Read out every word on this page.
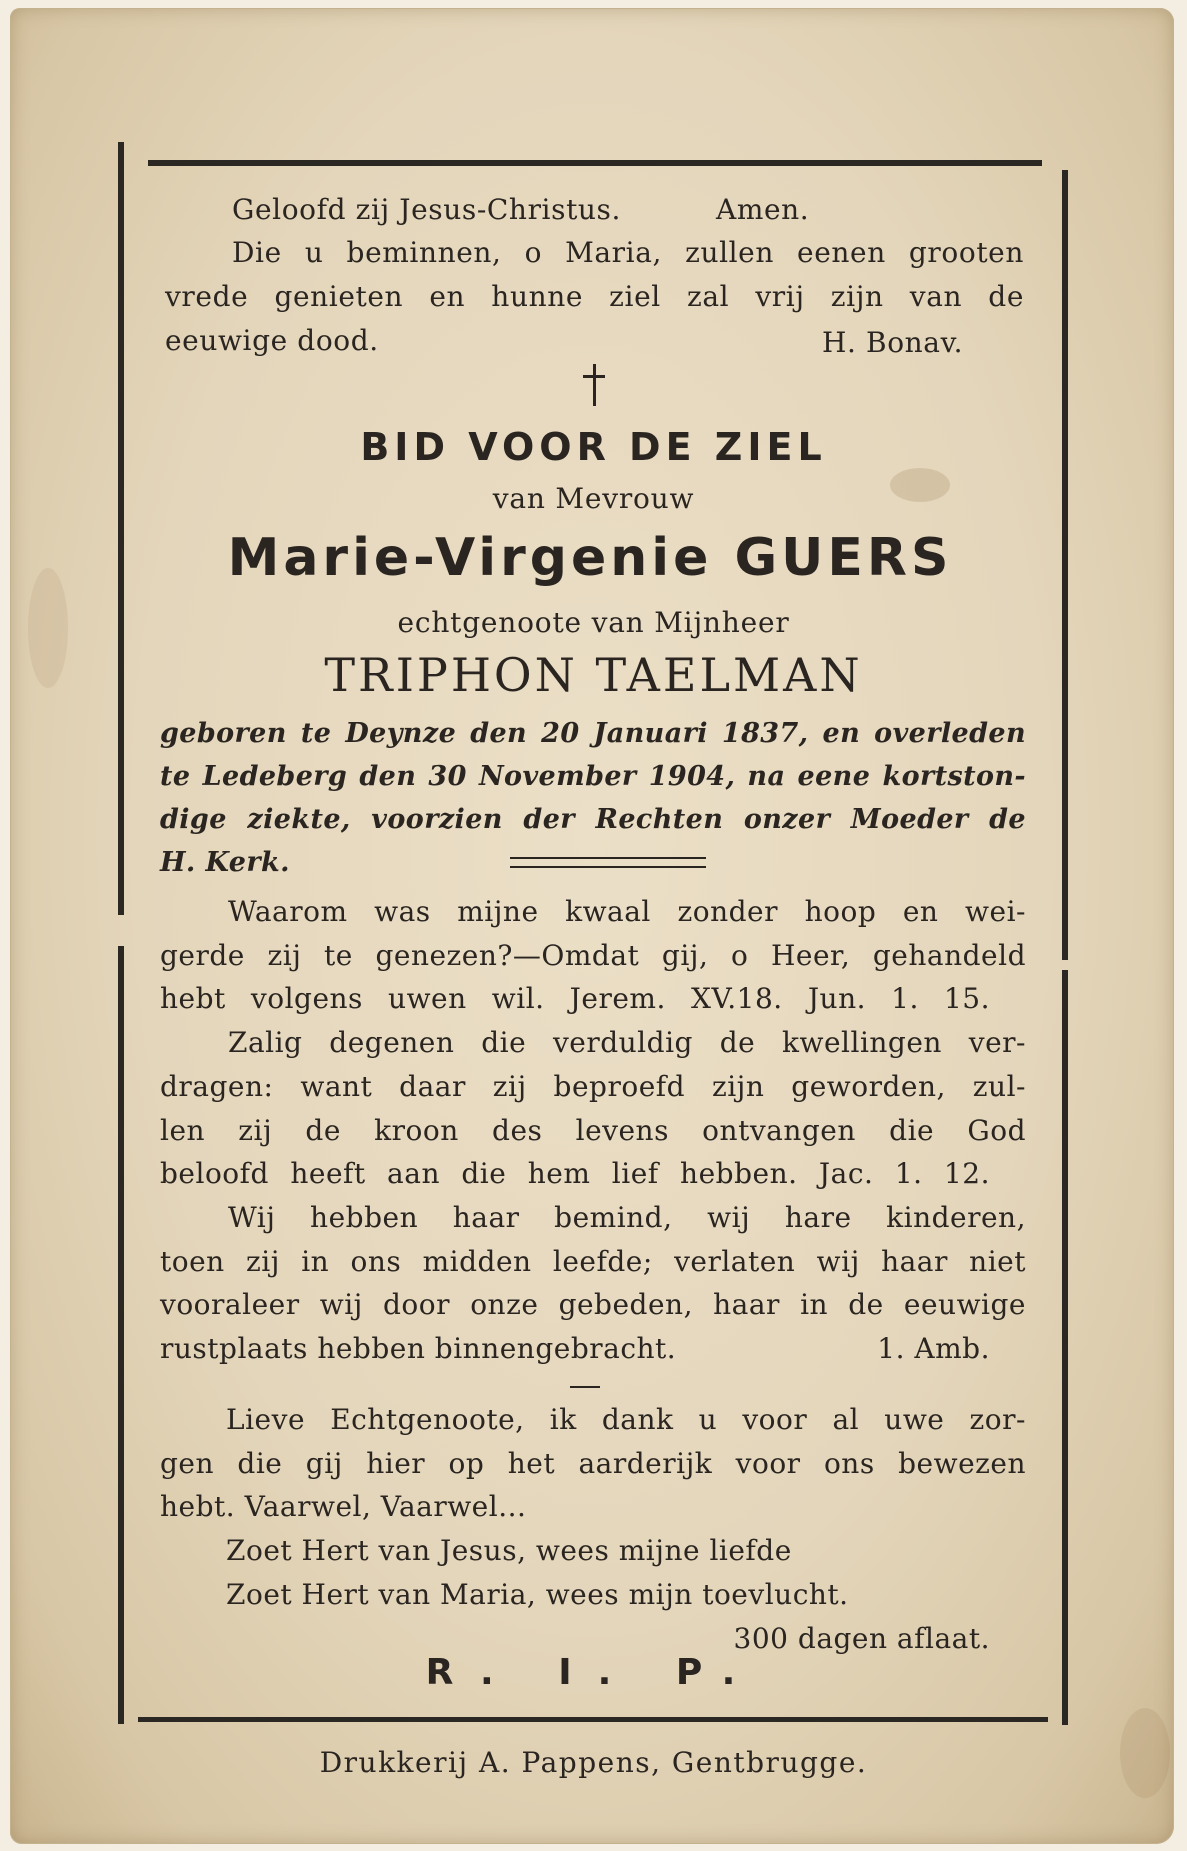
Geloofd zij Jesus-Christus.	Amen.
Die u beminnen, o Maria, zullen eenen grooten
vrede genieten en hunne ziel zal vrij zijn van de
eeuwige dood.	H. Bonav.
BID VOOR DE ZIEL
van Mevrouw
Marie-Virgenie GUERS
echtgenoote van Mijnheer
TRIPHON TAELMAN
geboren te Deynze den 20 Januari 1837, en overleden
te Ledeberg den 30 November 1904, na eene kortston-
dige ziekte, voorzien der Rechten onzer Moeder de
H. Kerk.
Waarom was mijne kwaal zonder hoop en wei-
gerde zij te genezen?—Omdat gij, o Heer, gehandeld
hebt volgens uwen wil. Jerem. XV.18. Jun. 1. 15.
Zalig degenen die verduldig de kwellingen ver-
dragen: want daar zij beproefd zijn geworden, zul-
len zij de kroon des levens ontvangen die God
beloofd heeft aan die hem lief hebben. Jac. 1. 12.
Wij hebben haar bemind, wij hare kinderen,
toen zij in ons midden leefde; verlaten wij haar niet
vooraleer wij door onze gebeden, haar in de eeuwige
rustplaats hebben binnengebracht.	1. Amb.
Lieve Echtgenoote, ik dank u voor al uwe zor-
gen die gij hier op het aarderijk voor ons bewezen
hebt. Vaarwel, Vaarwel...
Zoet Hert van Jesus, wees mijne liefde
Zoet Hert van Maria, wees mijn toevlucht.
300 dagen aflaat.
R. I. P.
Drukkerij A. Pappens, Gentbrugge.
